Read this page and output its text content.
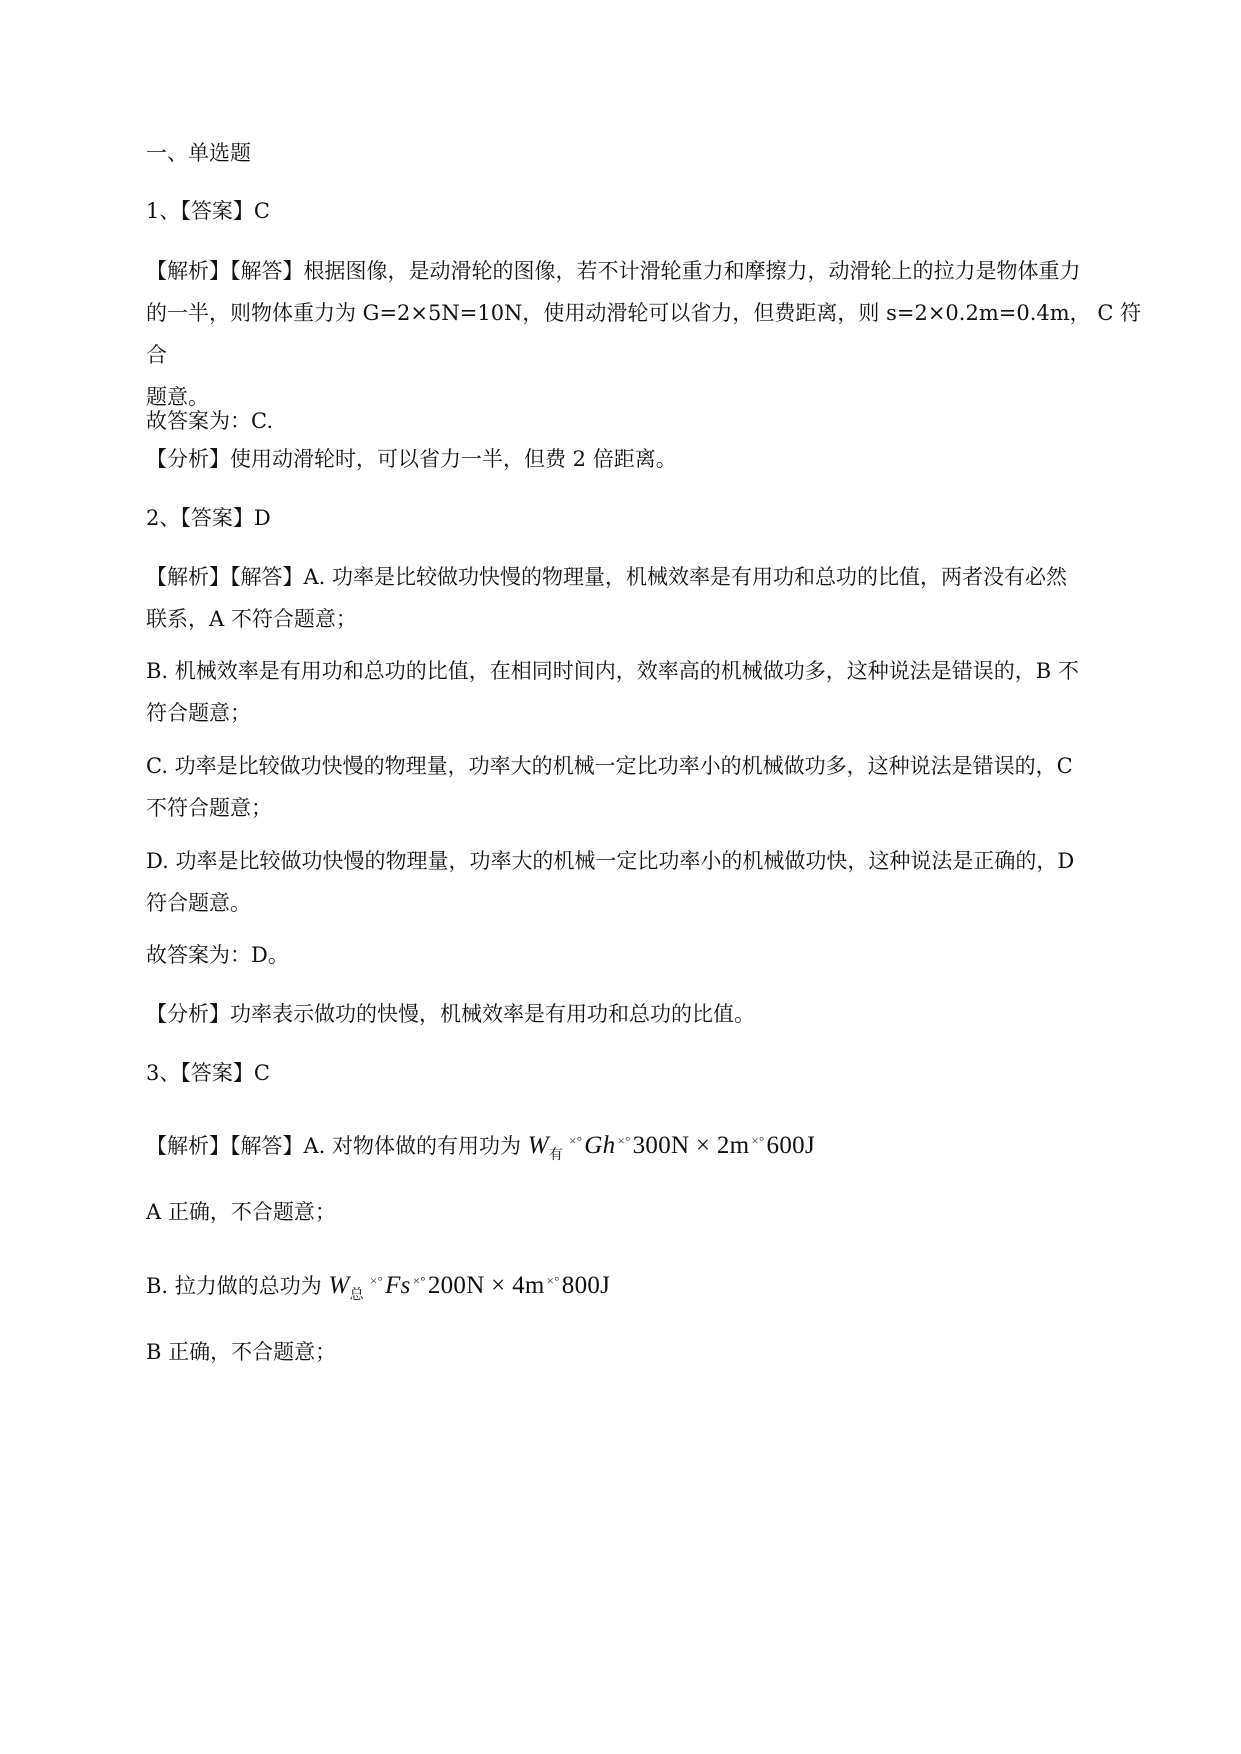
一、单选题

1、【答案】C

【解析】【解答】根据图像，是动滑轮的图像，若不计滑轮重力和摩擦力，动滑轮上的拉力是物体重力
的一半，则物体重力为 G=2×5N=10N，使用动滑轮可以省力，但费距离，则 s=2×0.2m=0.4m， C 符合
题意。

故答案为：C.

【分析】使用动滑轮时，可以省力一半，但费 2 倍距离。

2、【答案】D

【解析】【解答】A. 功率是比较做功快慢的物理量，机械效率是有用功和总功的比值，两者没有必然
联系，A 不符合题意；
B. 机械效率是有用功和总功的比值，在相同时间内，效率高的机械做功多，这种说法是错误的，B 不
符合题意；
C. 功率是比较做功快慢的物理量，功率大的机械一定比功率小的机械做功多，这种说法是错误的，C
不符合题意；
D. 功率是比较做功快慢的物理量，功率大的机械一定比功率小的机械做功快，这种说法是正确的，D
符合题意。

故答案为：D。

【分析】功率表示做功的快慢，机械效率是有用功和总功的比值。

3、【答案】C

【解析】【解答】A. 对物体做的有用功为 $W_有^{\times^\circ}Gh$ ×°300N × 2m ×°600J

A 正确，不合题意；

B. 拉力做的总功为 $W_总^{\times^\circ}Fs$ ×°200N × 4m ×°800J

B 正确，不合题意；
